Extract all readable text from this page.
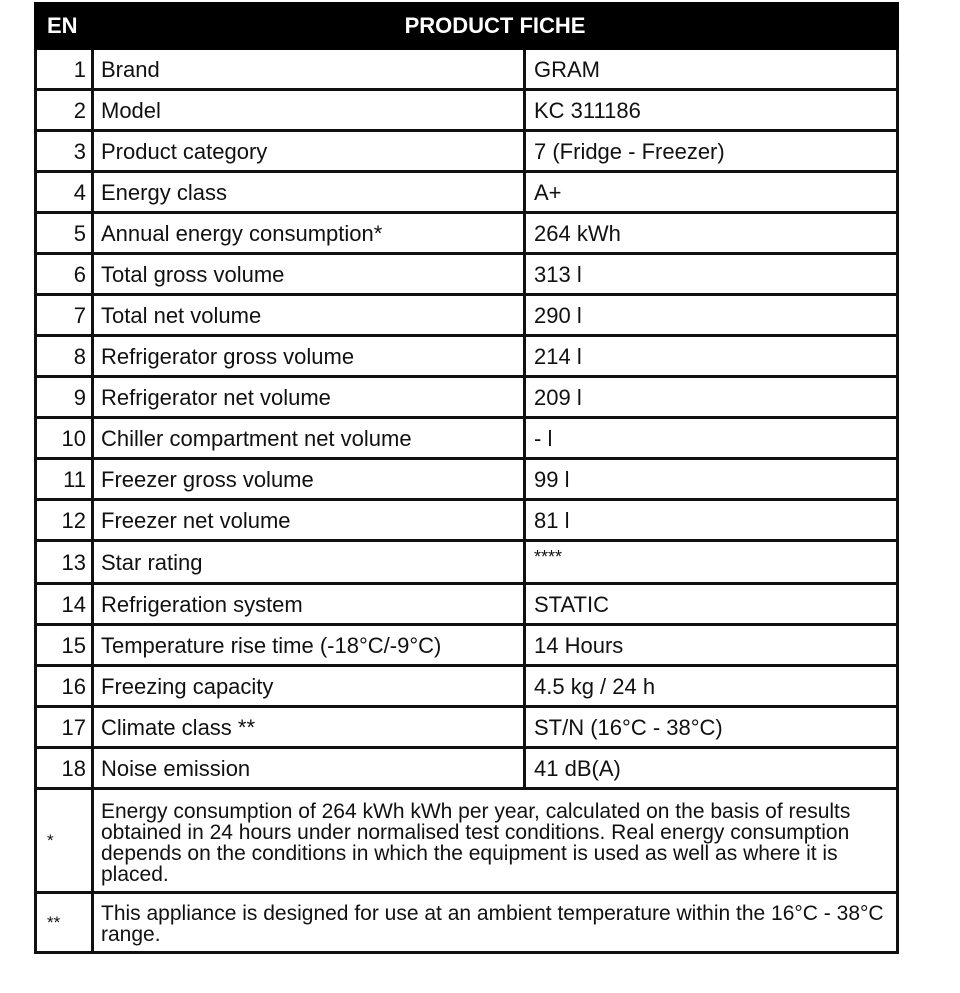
EN	PRODUCT FICHE	
1	Brand	GRAM
2	Model	KC 311186
3	Product category	7 (Fridge - Freezer)
4	Energy class	A+
5	Annual energy consumption*	264 kWh
6	Total gross volume	313 l
7	Total net volume	290 l
8	Refrigerator gross volume	214 l
9	Refrigerator net volume	209 l
10	Chiller compartment net volume	- l
11	Freezer gross volume	99 l
12	Freezer net volume	81 l
13	Star rating	****
14	Refrigeration system	STATIC
15	Temperature rise time (-18°C/-9°C)	14 Hours
16	Freezing capacity	4.5 kg / 24 h
17	Climate class **	ST/N (16°C - 38°C)
18	Noise emission	41 dB(A)
*	Energy consumption of 264 kWh kWh per year, calculated on the basis of results obtained in 24 hours under normalised test conditions. Real energy consumption depends on the conditions in which the equipment is used as well as where it is placed.	
**	This appliance is designed for use at an ambient temperature within the 16°C - 38°C range.	
